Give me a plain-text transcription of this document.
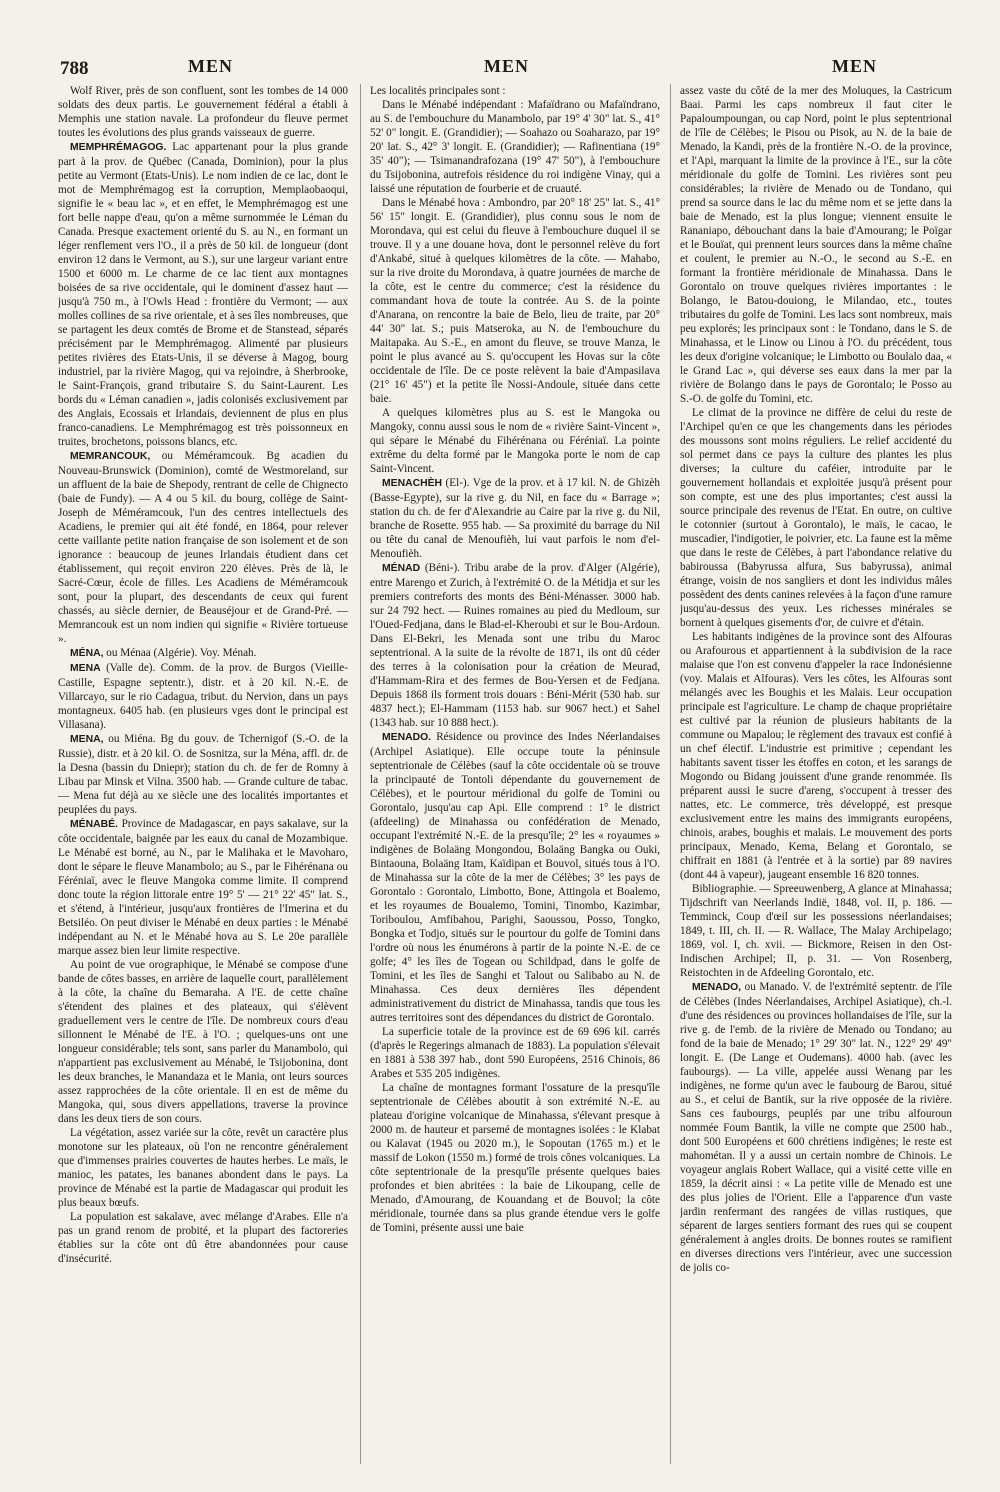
788	MEN	MEN	MEN

Wolf River, près de son confluent, sont les tombes de 14 000 soldats des deux partis. Le gouvernement fédéral a établi à Memphis une station navale. La profondeur du fleuve permet toutes les évolutions des plus grands vaisseaux de guerre.

MEMPHRÉMAGOG. Lac appartenant pour la plus grande part à la prov. de Québec (Canada, Dominion), pour la plus petite au Vermont (Etats-Unis). Le nom indien de ce lac, dont le mot de Memphrémagog est la corruption, Memplaobaoqui, signifie le « beau lac », et en effet, le Memphrémagog est une fort belle nappe d'eau, qu'on a même surnommée le Léman du Canada. Presque exactement orienté du S. au N., en formant un léger renflement vers l'O., il a près de 50 kil. de longueur (dont environ 12 dans le Vermont, au S.), sur une largeur variant entre 1500 et 6000 m. Le charme de ce lac tient aux montagnes boisées de sa rive occidentale, qui le dominent d'assez haut — jusqu'à 750 m., à l'Owls Head : frontière du Vermont; — aux molles collines de sa rive orientale, et à ses îles nombreuses, que se partagent les deux comtés de Brome et de Stanstead, séparés précisément par le Memphrémagog. Alimenté par plusieurs petites rivières des Etats-Unis, il se déverse à Magog, bourg industriel, par la rivière Magog, qui va rejoindre, à Sherbrooke, le Saint-François, grand tributaire S. du Saint-Laurent. Les bords du « Léman canadien », jadis colonisés exclusivement par des Anglais, Ecossais et Irlandais, deviennent de plus en plus franco-canadiens. Le Memphrémagog est très poissonneux en truites, brochetons, poissons blancs, etc.

MEMRANCOUK, ou Méméramcouk. Bg acadien du Nouveau-Brunswick (Dominion), comté de Westmoreland, sur un affluent de la baie de Shepody, rentrant de celle de Chignecto (baie de Fundy). — A 4 ou 5 kil. du bourg, collège de Saint-Joseph de Méméramcouk, l'un des centres intellectuels des Acadiens, le premier qui ait été fondé, en 1864, pour relever cette vaillante petite nation française de son isolement et de son ignorance : beaucoup de jeunes Irlandais étudient dans cet établissement, qui reçoit environ 220 élèves. Près de là, le Sacré-Cœur, école de filles. Les Acadiens de Méméramcouk sont, pour la plupart, des descendants de ceux qui furent chassés, au siècle dernier, de Beauséjour et de Grand-Pré. — Memrancouk est un nom indien qui signifie « Rivière tortueuse ».

MÉNA, ou Ménaa (Algérie). Voy. Ménah.

MENA (Valle de). Comm. de la prov. de Burgos (Vieille-Castille, Espagne septentr.), distr. et à 20 kil. N.-E. de Villarcayo, sur le rio Cadagua, tribut. du Nervion, dans un pays montagneux. 6405 hab. (en plusieurs vges dont le principal est Villasana).

MENA, ou Miéna. Bg du gouv. de Tchernigof (S.-O. de la Russie), distr. et à 20 kil. O. de Sosnitza, sur la Ména, affl. dr. de la Desna (bassin du Dniepr); station du ch. de fer de Romny à Libau par Minsk et Vilna. 3500 hab. — Grande culture de tabac. — Mena fut déjà au xe siècle une des localités importantes et peuplées du pays.

MÉNABÉ. Province de Madagascar, en pays sakalave, sur la côte occidentale, baignée par les eaux du canal de Mozambique. Le Ménabé est borné, au N., par le Malihaka et le Mavoharo, dont le sépare le fleuve Manambolo; au S., par le Fihérénana ou Féréniaï, avec le fleuve Mangoka comme limite. Il comprend donc toute la région littorale entre 19° 5' — 21° 22' 45" lat. S., et s'étend, à l'intérieur, jusqu'aux frontières de l'Imerina et du Betsiléo. On peut diviser le Ménabé en deux parties : le Ménabé indépendant au N. et le Ménabé hova au S. Le 20e parallèle marque assez bien leur limite respective.

Au point de vue orographique, le Ménabé se compose d'une bande de côtes basses, en arrière de laquelle court, parallèlement à la côte, la chaîne du Bemaraha. A l'E. de cette chaîne s'étendent des plaines et des plateaux, qui s'élèvent graduellement vers le centre de l'île. De nombreux cours d'eau sillonnent le Ménabé de l'E. à l'O. ; quelques-uns ont une longueur considérable; tels sont, sans parler du Manambolo, qui n'appartient pas exclusivement au Ménabé, le Tsijobonina, dont les deux branches, le Manandaza et le Mania, ont leurs sources assez rapprochées de la côte orientale. Il en est de même du Mangoka, qui, sous divers appellations, traverse la province dans les deux tiers de son cours.

La végétation, assez variée sur la côte, revêt un caractère plus monotone sur les plateaux, où l'on ne rencontre généralement que d'immenses prairies couvertes de hautes herbes. Le maïs, le manioc, les patates, les bananes abondent dans le pays. La province de Ménabé est la partie de Madagascar qui produit les plus beaux bœufs.

La population est sakalave, avec mélange d'Arabes. Elle n'a pas un grand renom de probité, et la plupart des factoreries établies sur la côte ont dû être abandonnées pour cause d'insécurité.

Les localités principales sont :

Dans le Ménabé indépendant : Mafaïdrano ou Mafaïndrano, au S. de l'embouchure du Manambolo, par 19° 4' 30" lat. S., 41° 52' 0" longit. E. (Grandidier); — Soahazo ou Soaharazo, par 19° 20' lat. S., 42° 3' longit. E. (Grandidier); — Rafinentiana (19° 35' 40"); — Tsimanandrafozana (19° 47' 50"), à l'embouchure du Tsijobonina, autrefois résidence du roi indigène Vinay, qui a laissé une réputation de fourberie et de cruauté.

Dans le Ménabé hova : Ambondro, par 20° 18' 25" lat. S., 41° 56' 15" longit. E. (Grandidier), plus connu sous le nom de Morondava, qui est celui du fleuve à l'embouchure duquel il se trouve. Il y a une douane hova, dont le personnel relève du fort d'Ankabé, situé à quelques kilomètres de la côte. — Mahabo, sur la rive droite du Morondava, à quatre journées de marche de la côte, est le centre du commerce; c'est la résidence du commandant hova de toute la contrée. Au S. de la pointe d'Anarana, on rencontre la baie de Belo, lieu de traite, par 20° 44' 30" lat. S.; puis Matseroka, au N. de l'embouchure du Maitapaka. Au S.-E., en amont du fleuve, se trouve Manza, le point le plus avancé au S. qu'occupent les Hovas sur la côte occidentale de l'île. De ce poste relèvent la baie d'Ampasilava (21° 16' 45") et la petite île Nossi-Andoule, située dans cette baie.

A quelques kilomètres plus au S. est le Mangoka ou Mangoky, connu aussi sous le nom de « rivière Saint-Vincent », qui sépare le Ménabé du Fihérénana ou Féréniaï. La pointe extrême du delta formé par le Mangoka porte le nom de cap Saint-Vincent.

MENACHÈH (El-). Vge de la prov. et à 17 kil. N. de Ghizèh (Basse-Egypte), sur la rive g. du Nil, en face du « Barrage »; station du ch. de fer d'Alexandrie au Caire par la rive g. du Nil, branche de Rosette. 955 hab. — Sa proximité du barrage du Nil ou tête du canal de Menoufièh, lui vaut parfois le nom d'el-Menoufièh.

MÉNAD (Béni-). Tribu arabe de la prov. d'Alger (Algérie), entre Marengo et Zurich, à l'extrémité O. de la Métidja et sur les premiers contreforts des monts des Béni-Ménasser. 3000 hab. sur 24 792 hect. — Ruines romaines au pied du Medloum, sur l'Oued-Fedjana, dans le Blad-el-Kheroubi et sur le Bou-Ardoun. Dans El-Bekri, les Menada sont une tribu du Maroc septentrional. A la suite de la révolte de 1871, ils ont dû céder des terres à la colonisation pour la création de Meurad, d'Hammam-Rira et des fermes de Bou-Yersen et de Fedjana. Depuis 1868 ils forment trois douars : Béni-Mérit (530 hab. sur 4837 hect.); El-Hammam (1153 hab. sur 9067 hect.) et Sahel (1343 hab. sur 10 888 hect.).

MENADO. Résidence ou province des Indes Néerlandaises (Archipel Asiatique). Elle occupe toute la péninsule septentrionale de Célèbes (sauf la côte occidentale où se trouve la principauté de Tontoli dépendante du gouvernement de Célèbes), et le pourtour méridional du golfe de Tomini ou Gorontalo, jusqu'au cap Api. Elle comprend : 1° le district (afdeeling) de Minahassa ou confédération de Menado, occupant l'extrémité N.-E. de la presqu'île; 2° les « royaumes » indigènes de Bolaäng Mongondou, Bolaäng Bangka ou Ouki, Bintaouna, Bolaäng Itam, Kaïdipan et Bouvol, situés tous à l'O. de Minahassa sur la côte de la mer de Célèbes; 3° les pays de Gorontalo : Gorontalo, Limbotto, Bone, Attingola et Boalemo, et les royaumes de Boualemo, Tomini, Tinombo, Kazimbar, Toriboulou, Amfibahou, Parighi, Saoussou, Posso, Tongko, Bongka et Todjo, situés sur le pourtour du golfe de Tomini dans l'ordre où nous les énumérons à partir de la pointe N.-E. de ce golfe; 4° les îles de Togean ou Schildpad, dans le golfe de Tomini, et les îles de Sanghi et Talout ou Salibabo au N. de Minahassa. Ces deux dernières îles dépendent administrativement du district de Minahassa, tandis que tous les autres territoires sont des dépendances du district de Gorontalo.

La superficie totale de la province est de 69 696 kil. carrés (d'après le Regerings almanach de 1883). La population s'élevait en 1881 à 538 397 hab., dont 590 Européens, 2516 Chinois, 86 Arabes et 535 205 indigènes.

La chaîne de montagnes formant l'ossature de la presqu'île septentrionale de Célèbes aboutit à son extrémité N.-E. au plateau d'origine volcanique de Minahassa, s'élevant presque à 2000 m. de hauteur et parsemé de montagnes isolées : le Klabat ou Kalavat (1945 ou 2020 m.), le Sopoutan (1765 m.) et le massif de Lokon (1550 m.) formé de trois cônes volcaniques. La côte septentrionale de la presqu'île présente quelques baies profondes et bien abritées : la baie de Likoupang, celle de Menado, d'Amourang, de Kouandang et de Bouvol; la côte méridionale, tournée dans sa plus grande étendue vers le golfe de Tomini, présente aussi une baie

assez vaste du côté de la mer des Moluques, la Castricum Baai. Parmi les caps nombreux il faut citer le Papaloumpoungan, ou cap Nord, point le plus septentrional de l'île de Célèbes; le Pisou ou Pisok, au N. de la baie de Menado, la Kandi, près de la frontière N.-O. de la province, et l'Api, marquant la limite de la province à l'E., sur la côte méridionale du golfe de Tomini. Les rivières sont peu considérables; la rivière de Menado ou de Tondano, qui prend sa source dans le lac du même nom et se jette dans la baie de Menado, est la plus longue; viennent ensuite le Rananiapo, débouchant dans la baie d'Amourang; le Poïgar et le Bouïat, qui prennent leurs sources dans la même chaîne et coulent, le premier au N.-O., le second au S.-E. en formant la frontière méridionale de Minahassa. Dans le Gorontalo on trouve quelques rivières importantes : le Bolango, le Batou-douiong, le Milandao, etc., toutes tributaires du golfe de Tomini. Les lacs sont nombreux, mais peu explorés; les principaux sont : le Tondano, dans le S. de Minahassa, et le Linow ou Linou à l'O. du précédent, tous les deux d'origine volcanique; le Limbotto ou Boulalo daa, « le Grand Lac », qui déverse ses eaux dans la mer par la rivière de Bolango dans le pays de Gorontalo; le Posso au S.-O. de golfe du Tomini, etc.

Le climat de la province ne diffère de celui du reste de l'Archipel qu'en ce que les changements dans les périodes des moussons sont moins réguliers. Le relief accidenté du sol permet dans ce pays la culture des plantes les plus diverses; la culture du caféier, introduite par le gouvernement hollandais et exploitée jusqu'à présent pour son compte, est une des plus importantes; c'est aussi la source principale des revenus de l'Etat. En outre, on cultive le cotonnier (surtout à Gorontalo), le maïs, le cacao, le muscadier, l'indigotier, le poivrier, etc. La faune est la même que dans le reste de Célèbes, à part l'abondance relative du babiroussa (Babyrussa alfura, Sus babyrussa), animal étrange, voisin de nos sangliers et dont les individus mâles possèdent des dents canines relevées à la façon d'une ramure jusqu'au-dessus des yeux. Les richesses minérales se bornent à quelques gisements d'or, de cuivre et d'étain.

Les habitants indigènes de la province sont des Alfouras ou Arafourous et appartiennent à la subdivision de la race malaise que l'on est convenu d'appeler la race Indonésienne (voy. Malais et Alfouras). Vers les côtes, les Alfouras sont mélangés avec les Boughis et les Malais. Leur occupation principale est l'agriculture. Le champ de chaque propriétaire est cultivé par la réunion de plusieurs habitants de la commune ou Mapalou; le règlement des travaux est confié à un chef électif. L'industrie est primitive ; cependant les habitants savent tisser les étoffes en coton, et les sarangs de Mogondo ou Bidang jouissent d'une grande renommée. Ils préparent aussi le sucre d'areng, s'occupent à tresser des nattes, etc. Le commerce, très développé, est presque exclusivement entre les mains des immigrants européens, chinois, arabes, boughis et malais. Le mouvement des ports principaux, Menado, Kema, Belang et Gorontalo, se chiffrait en 1881 (à l'entrée et à la sortie) par 89 navires (dont 44 à vapeur), jaugeant ensemble 16 820 tonnes.

Bibliographie. — Spreeuwenberg, A glance at Minahassa; Tijdschrift van Neerlands Indië, 1848, vol. II, p. 186. — Temminck, Coup d'œil sur les possessions néerlandaises; 1849, t. III, ch. II. — R. Wallace, The Malay Archipelago; 1869, vol. I, ch. xvii. — Bickmore, Reisen in den Ost-Indischen Archipel; II, p. 31. — Von Rosenberg, Reistochten in de Afdeeling Gorontalo, etc.

MENADO, ou Manado. V. de l'extrémité septentr. de l'île de Célèbes (Indes Néerlandaises, Archipel Asiatique), ch.-l. d'une des résidences ou provinces hollandaises de l'île, sur la rive g. de l'emb. de la rivière de Menado ou Tondano; au fond de la baie de Menado; 1° 29' 30" lat. N., 122° 29' 49" longit. E. (De Lange et Oudemans). 4000 hab. (avec les faubourgs). — La ville, appelée aussi Wenang par les indigènes, ne forme qu'un avec le faubourg de Barou, situé au S., et celui de Bantik, sur la rive opposée de la rivière. Sans ces faubourgs, peuplés par une tribu alfouroun nommée Foum Bantik, la ville ne compte que 2500 hab., dont 500 Européens et 600 chrétiens indigènes; le reste est mahométan. Il y a aussi un certain nombre de Chinois. Le voyageur anglais Robert Wallace, qui a visité cette ville en 1859, la décrit ainsi : « La petite ville de Menado est une des plus jolies de l'Orient. Elle a l'apparence d'un vaste jardin renfermant des rangées de villas rustiques, que séparent de larges sentiers formant des rues qui se coupent généralement à angles droits. De bonnes routes se ramifient en diverses directions vers l'intérieur, avec une succession de jolis co-
